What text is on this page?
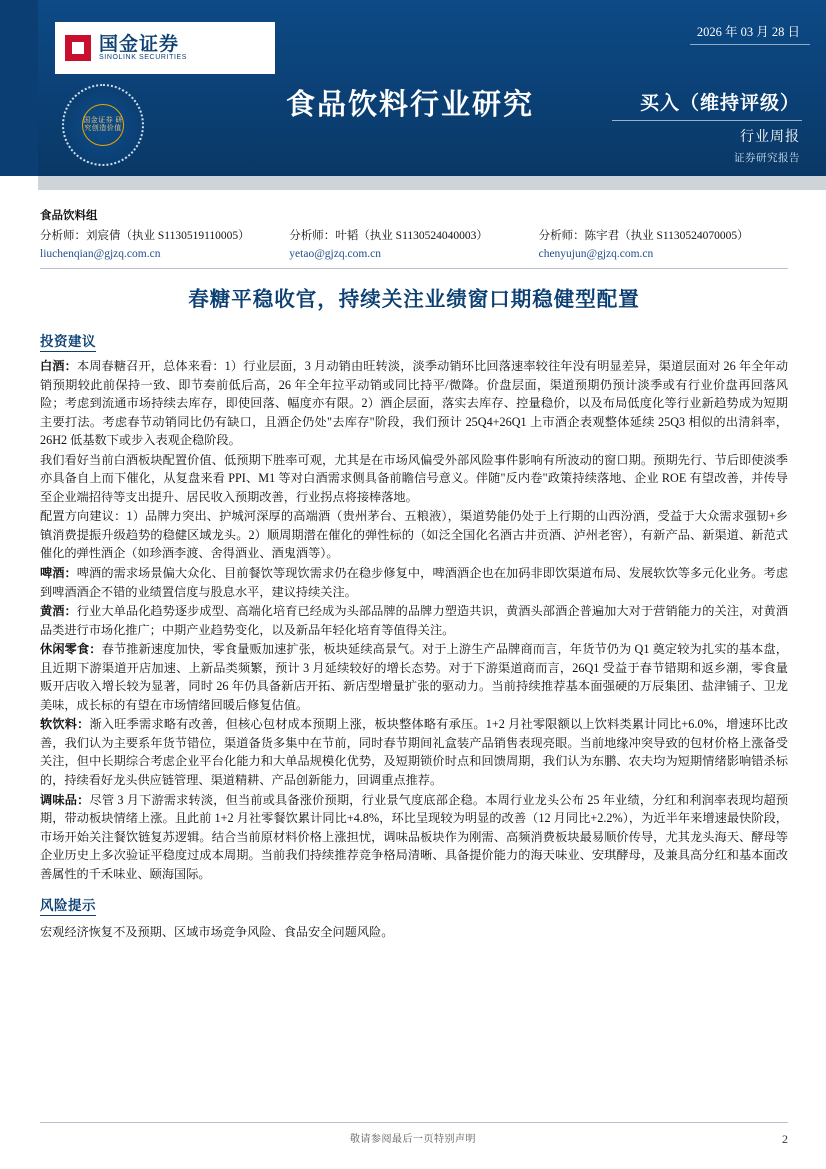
国金证券
SINOLINK SECURITIES
国金证券 研究创造价值
2026 年 03 月 28 日
食品饮料行业研究	买入（维持评级）
行业周报
证券研究报告
食品饮料组
分析师：刘宸倩（执业 S1130519110005）
liuchenqian@gjzq.com.cn
分析师：叶韬（执业 S1130524040003）
yetao@gjzq.com.cn
分析师：陈宇君（执业 S1130524070005）
chenyujun@gjzq.com.cn
春糖平稳收官，持续关注业绩窗口期稳健型配置
投资建议
白酒：本周春糖召开，总体来看：1）行业层面，3 月动销由旺转淡，淡季动销环比回落速率较往年没有明显差异，渠道层面对 26 年全年动销预期较此前保持一致、即节奏前低后高，26 年全年拉平动销或同比持平/微降。价盘层面，渠道预期仍预计淡季或有行业价盘再回落风险；考虑到流通市场持续去库存，即使回落、幅度亦有限。2）酒企层面，落实去库存、控量稳价，以及布局低度化等行业新趋势成为短期主要打法。考虑春节动销同比仍有缺口，且酒企仍处"去库存"阶段，我们预计 25Q4+26Q1 上市酒企表观整体延续 25Q3 相似的出清斜率，26H2 低基数下或步入表观企稳阶段。
我们看好当前白酒板块配置价值、低预期下胜率可观，尤其是在市场风偏受外部风险事件影响有所波动的窗口期。预期先行、节后即使淡季亦具备自上而下催化，从复盘来看 PPI、M1 等对白酒需求侧具备前瞻信号意义。伴随"反内卷"政策持续落地、企业 ROE 有望改善，并传导至企业端招待等支出提升、居民收入预期改善，行业拐点将接棒落地。
配置方向建议：1）品牌力突出、护城河深厚的高端酒（贵州茅台、五粮液），渠道势能仍处于上行期的山西汾酒，受益于大众需求强韧+乡镇消费提振升级趋势的稳健区域龙头。2）顺周期潜在催化的弹性标的（如泛全国化名酒古井贡酒、泸州老窖），有新产品、新渠道、新范式催化的弹性酒企（如珍酒李渡、舍得酒业、酒鬼酒等）。
啤酒：啤酒的需求场景偏大众化、目前餐饮等现饮需求仍在稳步修复中，啤酒酒企也在加码非即饮渠道布局、发展软饮等多元化业务。考虑到啤酒酒企不错的业绩置信度与股息水平，建议持续关注。
黄酒：行业大单品化趋势逐步成型、高端化培育已经成为头部品牌的品牌力塑造共识，黄酒头部酒企普遍加大对于营销能力的关注，对黄酒品类进行市场化推广；中期产业趋势变化，以及新品年轻化培育等值得关注。
休闲零食：春节推新速度加快，零食量贩加速扩张，板块延续高景气。对于上游生产品牌商而言，年货节仍为 Q1 奠定较为扎实的基本盘，且近期下游渠道开店加速、上新品类频繁，预计 3 月延续较好的增长态势。对于下游渠道商而言，26Q1 受益于春节错期和返乡潮，零食量贩开店收入增长较为显著，同时 26 年仍具备新店开拓、新店型增量扩张的驱动力。当前持续推荐基本面强硬的万辰集团、盐津铺子、卫龙美味，成长标的有望在市场情绪回暖后修复估值。
软饮料：渐入旺季需求略有改善，但核心包材成本预期上涨，板块整体略有承压。1+2 月社零限额以上饮料类累计同比+6.0%，增速环比改善，我们认为主要系年货节错位，渠道备货多集中在节前，同时春节期间礼盒装产品销售表现亮眼。当前地缘冲突导致的包材价格上涨备受关注，但中长期综合考虑企业平台化能力和大单品规模化优势，及短期锁价时点和回馈周期，我们认为东鹏、农夫均为短期情绪影响错杀标的，持续看好龙头供应链管理、渠道精耕、产品创新能力，回调重点推荐。
调味品：尽管 3 月下游需求转淡，但当前或具备涨价预期，行业景气度底部企稳。本周行业龙头公布 25 年业绩，分红和利润率表现均超预期，带动板块情绪上涨。且此前 1+2 月社零餐饮累计同比+4.8%，环比呈现较为明显的改善（12 月同比+2.2%），为近半年来增速最快阶段，市场开始关注餐饮链复苏逻辑。结合当前原材料价格上涨担忧，调味品板块作为刚需、高频消费板块最易顺价传导，尤其龙头海天、酵母等企业历史上多次验证平稳度过成本周期。当前我们持续推荐竞争格局清晰、具备提价能力的海天味业、安琪酵母，及兼具高分红和基本面改善属性的千禾味业、颐海国际。
风险提示
宏观经济恢复不及预期、区域市场竞争风险、食品安全问题风险。
敬请参阅最后一页特别声明	2
